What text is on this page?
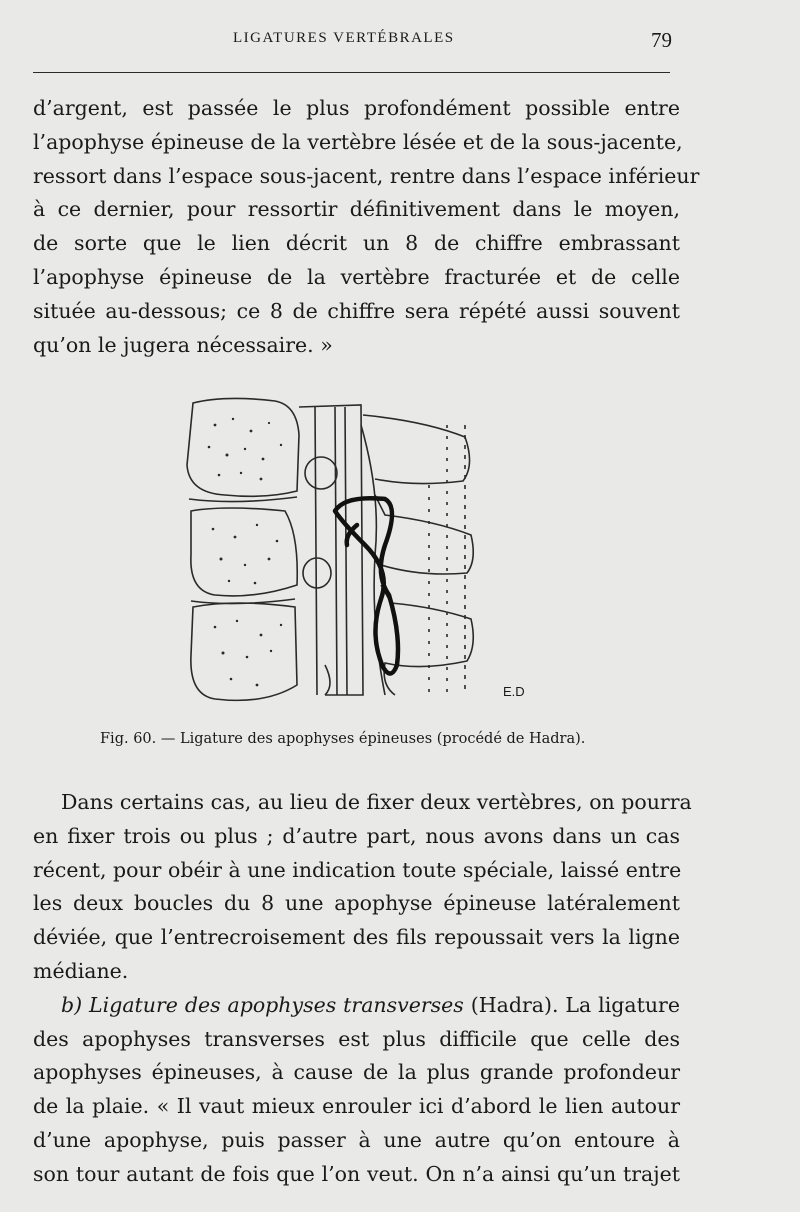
LIGATURES VERTÉBRALES	79
d’argent, est passée le plus profondément possible entre
l’apophyse épineuse de la vertèbre lésée et de la sous-jacente,
ressort dans l’espace sous-jacent, rentre dans l’espace inférieur
à ce dernier, pour ressortir définitivement dans le moyen,
de sorte que le lien décrit un 8 de chiffre embrassant
l’apophyse épineuse de la vertèbre fracturée et de celle
située au-dessous; ce 8 de chiffre sera répété aussi souvent
qu’on le jugera nécessaire. »
E.D
Fig. 60. — Ligature des apophyses épineuses (procédé de Hadra).
Dans certains cas, au lieu de fixer deux vertèbres, on pourra
en fixer trois ou plus ; d’autre part, nous avons dans un cas
récent, pour obéir à une indication toute spéciale, laissé entre
les deux boucles du 8 une apophyse épineuse latéralement
déviée, que l’entrecroisement des fils repoussait vers la ligne
médiane.
b) Ligature des apophyses transverses (Hadra). La ligature
des apophyses transverses est plus difficile que celle des
apophyses épineuses, à cause de la plus grande profondeur
de la plaie. « Il vaut mieux enrouler ici d’abord le lien autour
d’une apophyse, puis passer à une autre qu’on entoure à
son tour autant de fois que l’on veut. On n’a ainsi qu’un trajet
